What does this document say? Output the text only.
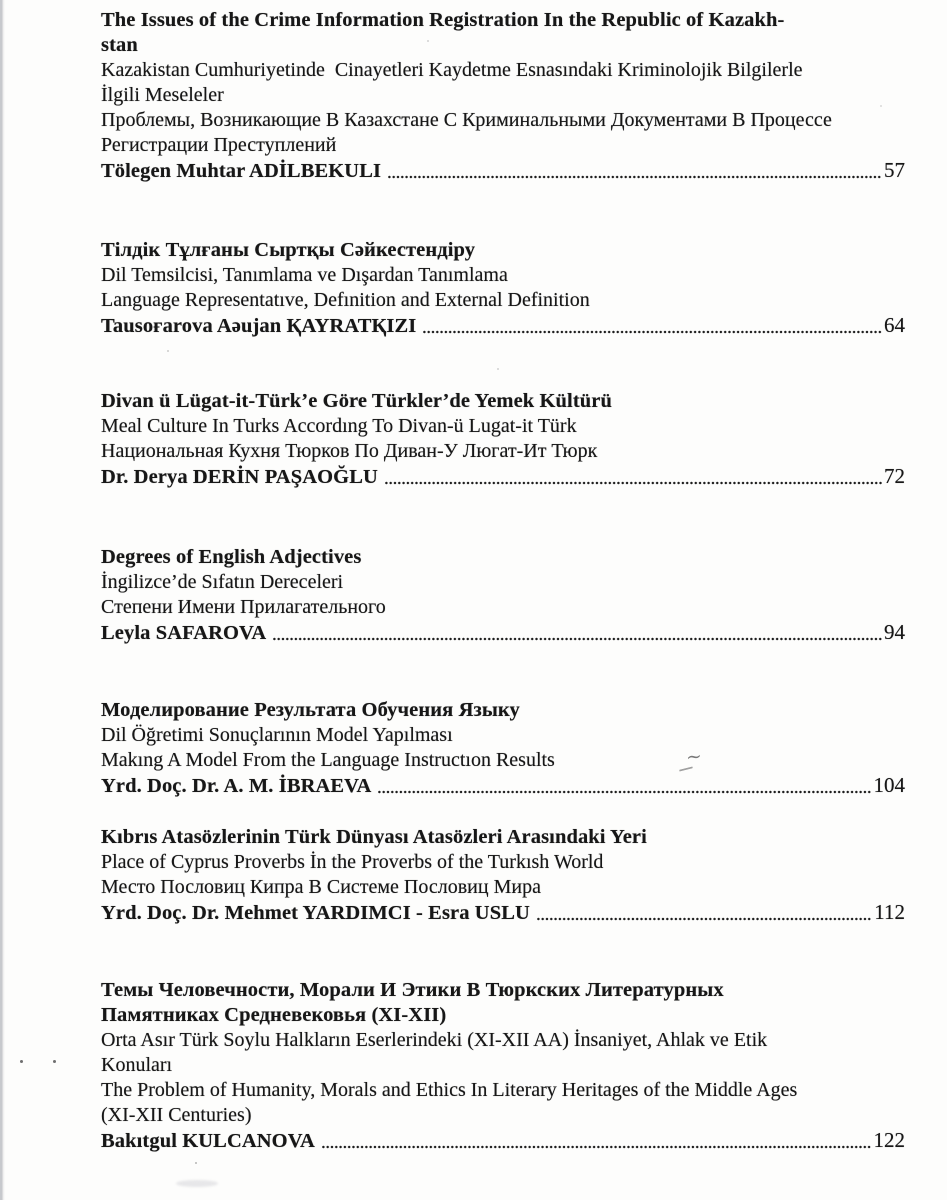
The Issues of the Crime Information Registration In the Republic of Kazakh-
stan
Kazakistan Cumhuriyetinde  Cinayetleri Kaydetme Esnasındaki Kriminolojik Bilgilerle
İlgili Meseleler
Проблемы, Возникающие В Казахстане С Криминальными Документами В Процессе
Регистрации Преступлений
Tölegen Muhtar ADİLBEKULI	57
Тілдік Тұлғаны Сыртқы Сәйкестендіру
Dil Temsilcisi, Tanımlama ve Dışardan Tanımlama
Language Representatıve, Defınition and External Definition
Tausoғarova Aəujan ҚAYRATҚIZI	64
Divan ü Lügat-it-Türk’e Göre Türkler’de Yemek Kültürü
Meal Culture In Turks Accordıng To Divan-ü Lugat-it Türk
Национальная Кухня Тюрков По Диван-У Люгат-Ит Тюрк
Dr. Derya DERİN PAŞAOĞLU	72
Degrees of English Adjectives
İngilizce’de Sıfatın Dereceleri
Степени Имени Прилагательного
Leyla SAFAROVA	94
Моделирование Результата Обучения Языку
Dil Öğretimi Sonuçlarının Model Yapılması
Makıng A Model From the Language Instructıon Results
Yrd. Doç. Dr. A. M. İBRAEVA	104
Kıbrıs Atasözlerinin Türk Dünyası Atasözleri Arasındaki Yeri
Place of Cyprus Proverbs İn the Proverbs of the Turkısh World
Место Пословиц Кипра В Системе Пословиц Мира
Yrd. Doç. Dr. Mehmet YARDIMCI - Esra USLU	112
Темы Человечности, Морали И Этики В Тюркских Литературных
Памятниках Средневековья (XI-XII)
Orta Asır Türk Soylu Halkların Eserlerindeki (XI-XII AA) İnsaniyet, Ahlak ve Etik
Konuları
The Problem of Humanity, Morals and Ethics In Literary Heritages of the Middle Ages
(XI-XII Centuries)
Bakıtgul KULCANOVA	122
~
